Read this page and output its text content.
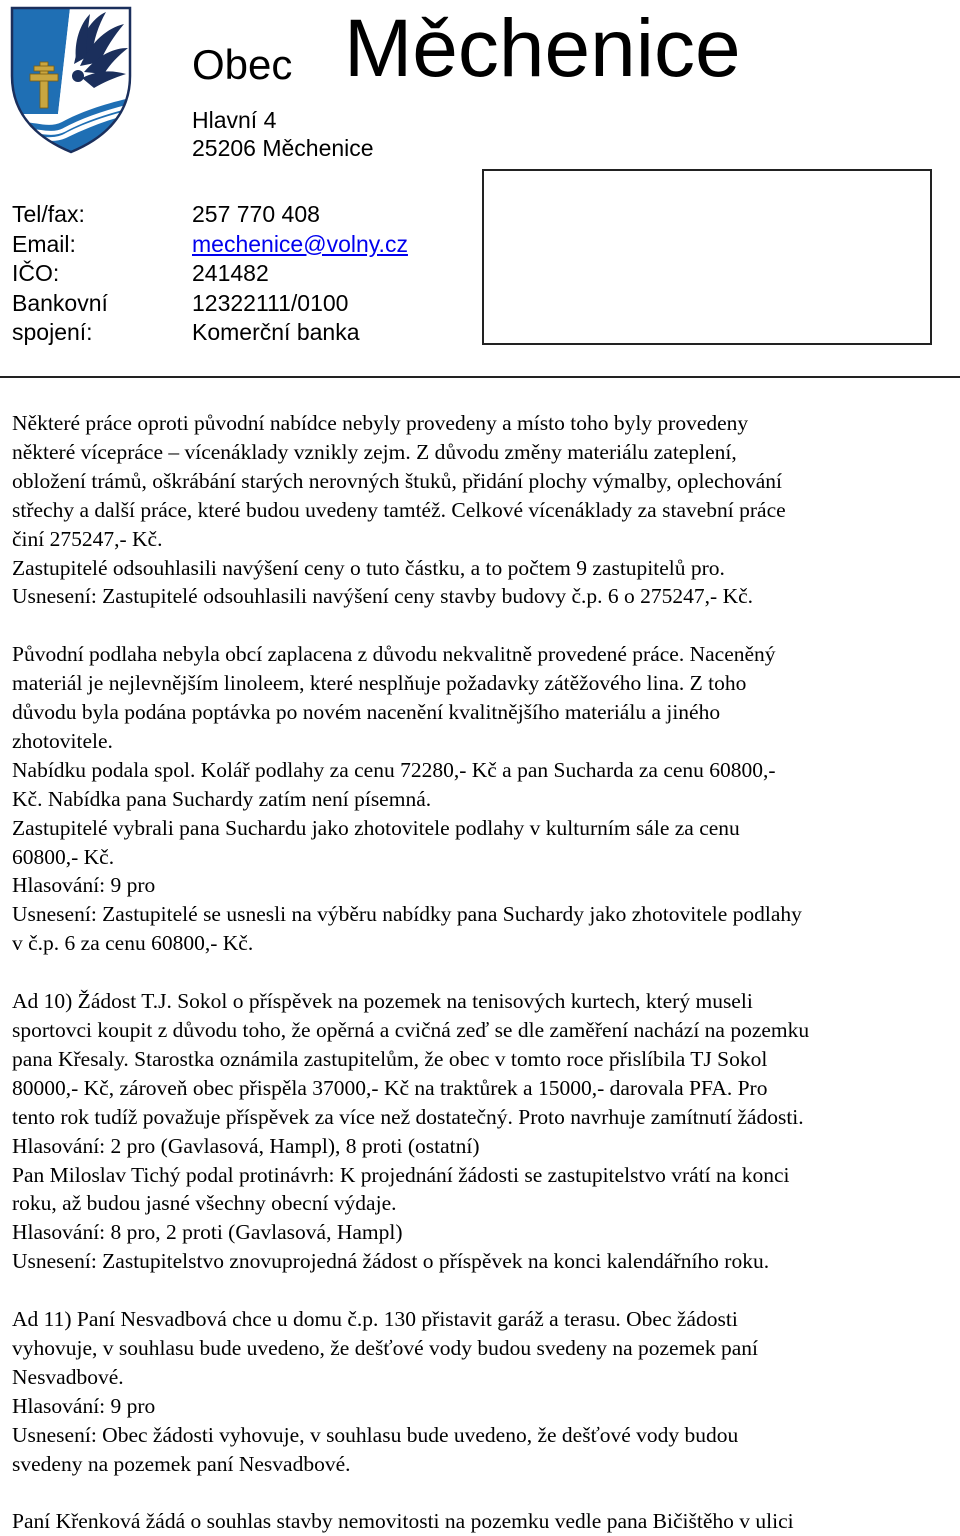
Obec Měchenice
Hlavní 4
25206 Měchenice
Tel/fax:	257 770 408
Email:	mechenice@volny.cz
IČO:	241482
Bankovní	12322111/0100
spojení:	Komerční banka

Některé práce oproti původní nabídce nebyly provedeny a místo toho byly provedeny

některé vícepráce – vícenáklady vznikly zejm. Z důvodu změny materiálu zateplení,

obložení trámů, oškrábání starých nerovných štuků, přidání plochy výmalby, oplechování

střechy a další práce, které budou uvedeny tamtéž. Celkové vícenáklady za stavební práce

činí 275247,- Kč.

Zastupitelé odsouhlasili navýšení ceny o tuto částku, a to počtem 9 zastupitelů pro.

Usnesení: Zastupitelé odsouhlasili navýšení ceny stavby budovy č.p. 6 o 275247,- Kč.

Původní podlaha nebyla obcí zaplacena z důvodu nekvalitně provedené práce. Naceněný

materiál je nejlevnějším linoleem, které nesplňuje požadavky zátěžového lina. Z toho

důvodu byla podána poptávka po novém nacenění kvalitnějšího materiálu a jiného

zhotovitele.

Nabídku podala spol. Kolář podlahy za cenu 72280,- Kč a pan Sucharda za cenu 60800,-

Kč. Nabídka pana Suchardy zatím není písemná.

Zastupitelé vybrali pana Suchardu jako zhotovitele podlahy v kulturním sále za cenu

60800,- Kč.

Hlasování: 9 pro

Usnesení: Zastupitelé se usnesli na výběru nabídky pana Suchardy jako zhotovitele podlahy

v č.p. 6 za cenu 60800,- Kč.

Ad 10) Žádost T.J. Sokol o příspěvek na pozemek na tenisových kurtech, který museli

sportovci koupit z důvodu toho, že opěrná a cvičná zeď se dle zaměření nachází na pozemku

pana Křesaly. Starostka oznámila zastupitelům, že obec v tomto roce přislíbila TJ Sokol

80000,- Kč, zároveň obec přispěla 37000,- Kč na traktůrek a 15000,- darovala PFA. Pro

tento rok tudíž považuje příspěvek za více než dostatečný. Proto navrhuje zamítnutí žádosti.

Hlasování: 2 pro (Gavlasová, Hampl), 8 proti (ostatní)

Pan Miloslav Tichý podal protinávrh: K projednání žádosti se zastupitelstvo vrátí na konci

roku, až budou jasné všechny obecní výdaje.

Hlasování: 8 pro, 2 proti (Gavlasová, Hampl)

Usnesení: Zastupitelstvo znovuprojedná žádost o příspěvek na konci kalendářního roku.

Ad 11) Paní Nesvadbová chce u domu č.p. 130 přistavit garáž a terasu. Obec žádosti

vyhovuje, v souhlasu bude uvedeno, že dešťové vody budou svedeny na pozemek paní

Nesvadbové.

Hlasování: 9 pro

Usnesení: Obec žádosti vyhovuje, v souhlasu bude uvedeno, že dešťové vody budou

svedeny na pozemek paní Nesvadbové.

Paní Křenková žádá o souhlas stavby nemovitosti na pozemku vedle pana Bičištěho v ulici
